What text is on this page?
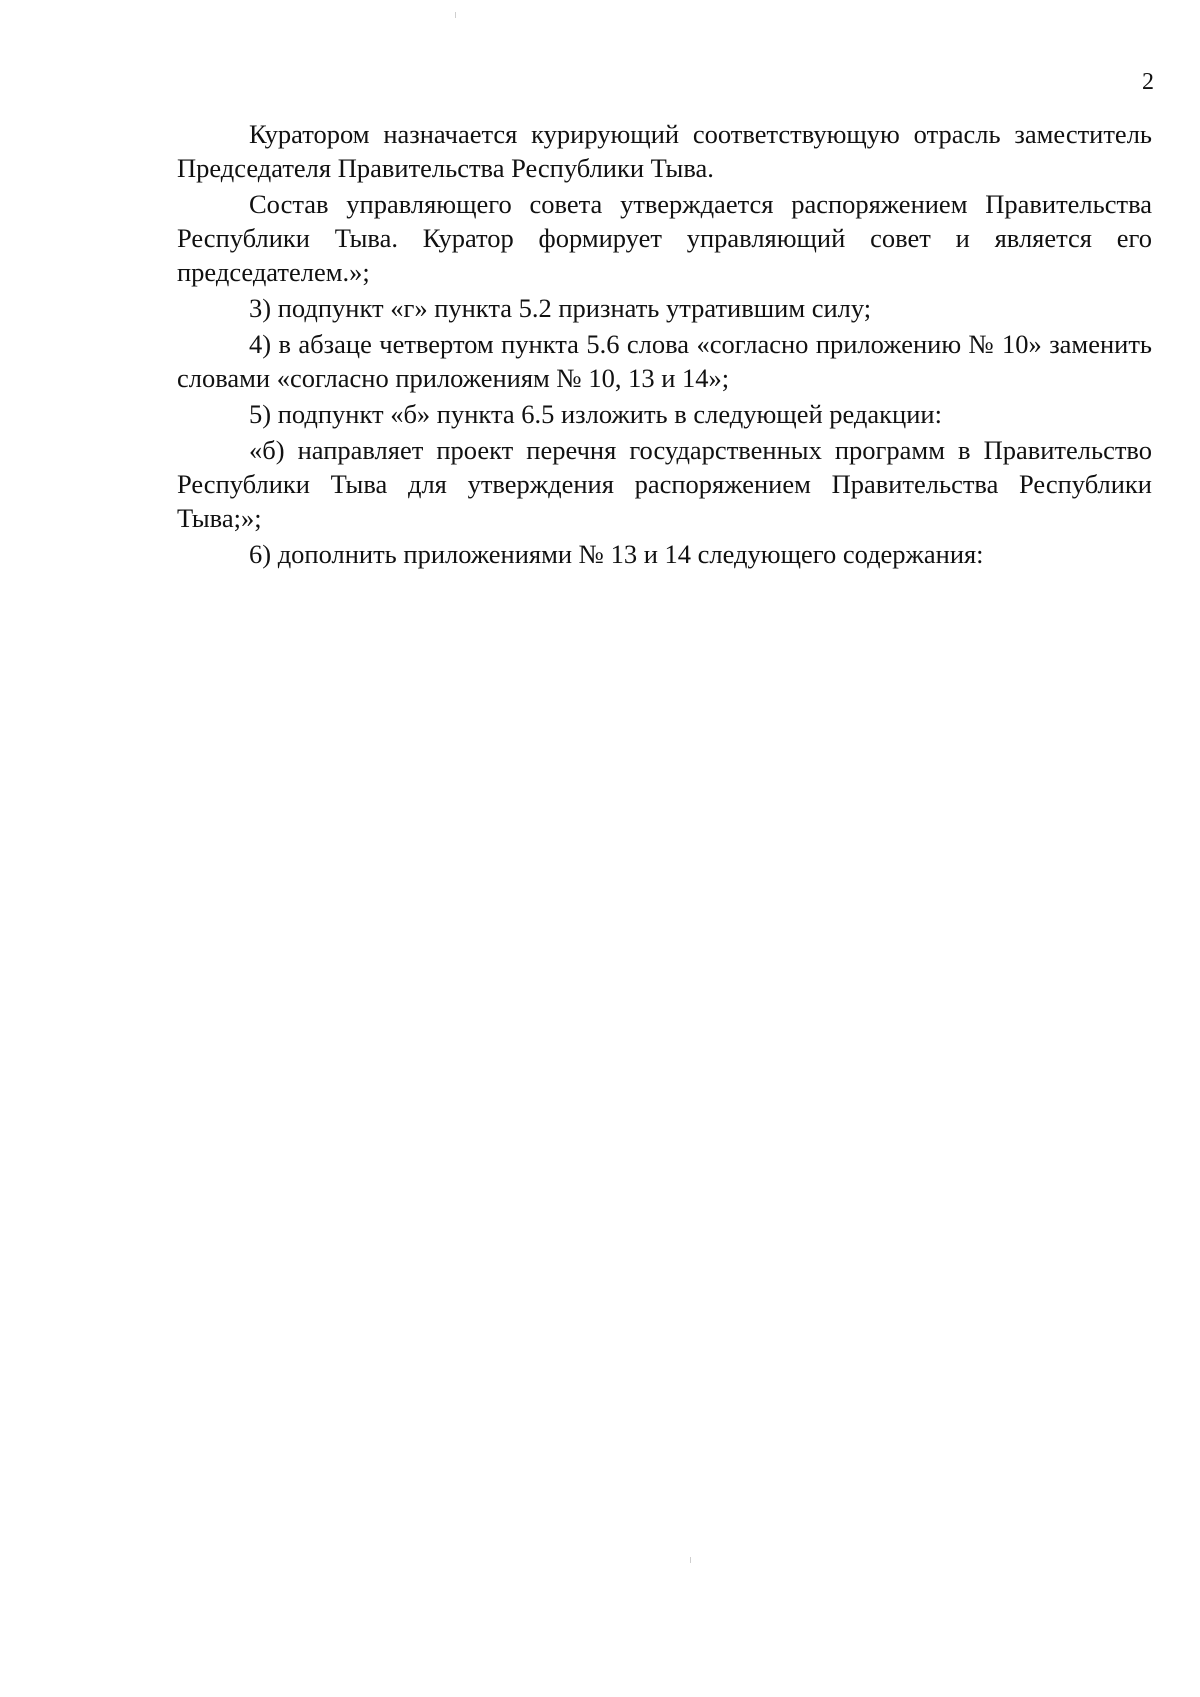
2

Куратором назначается курирующий соответствующую отрасль заместитель Председателя Правительства Республики Тыва.

Состав управляющего совета утверждается распоряжением Правительства Республики Тыва. Куратор формирует управляющий совет и является его председателем.»;

3) подпункт «г» пункта 5.2 признать утратившим силу;

4) в абзаце четвертом пункта 5.6 слова «согласно приложению № 10» заменить словами «согласно приложениям № 10, 13 и 14»;

5) подпункт «б» пункта 6.5 изложить в следующей редакции:

«б) направляет проект перечня государственных программ в Правительство Республики Тыва для утверждения распоряжением Правительства Республики Тыва;»;

6) дополнить приложениями № 13 и 14 следующего содержания:
